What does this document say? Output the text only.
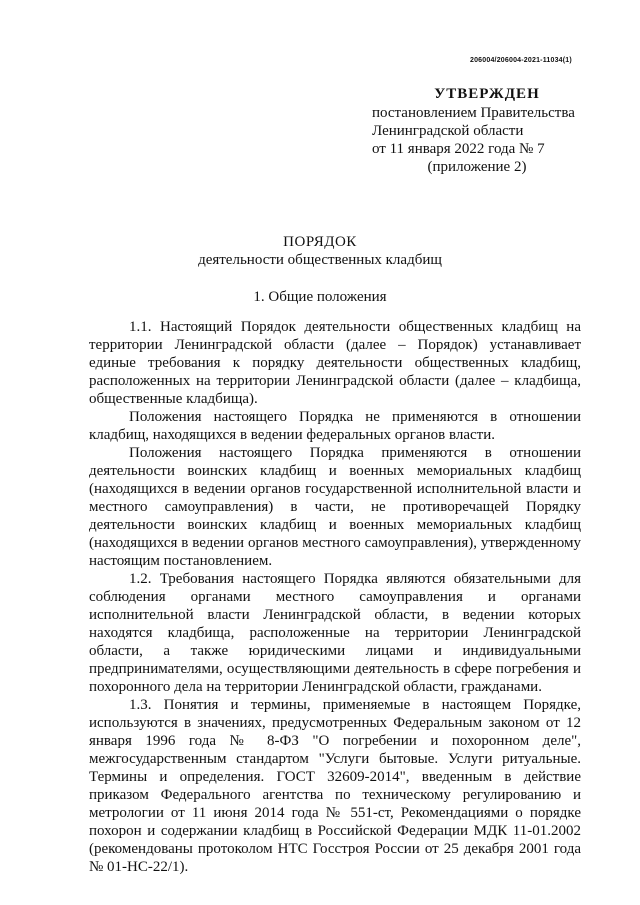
206004/206004-2021-11034(1)
УТВЕРЖДЕН
постановлением Правительства
Ленинградской области
от 11 января 2022 года № 7
(приложение 2)
ПОРЯДОК
деятельности общественных кладбищ
1. Общие положения

1.1. Настоящий Порядок деятельности общественных кладбищ на территории Ленинградской области (далее – Порядок) устанавливает единые требования к порядку деятельности общественных кладбищ, расположенных на территории Ленинградской области (далее – кладбища, общественные кладбища).

Положения настоящего Порядка не применяются в отношении кладбищ, находящихся в ведении федеральных органов власти.

Положения настоящего Порядка применяются в отношении деятельности воинских кладбищ и военных мемориальных кладбищ (находящихся в ведении органов государственной исполнительной власти и местного самоуправления) в части, не противоречащей Порядку деятельности воинских кладбищ и военных мемориальных кладбищ (находящихся в ведении органов местного самоуправления), утвержденному настоящим постановлением.

1.2. Требования настоящего Порядка являются обязательными для соблюдения органами местного самоуправления и органами исполнительной власти Ленинградской области, в ведении которых находятся кладбища, расположенные на территории Ленинградской области, а также юридическими лицами и индивидуальными предпринимателями, осуществляющими деятельность в сфере погребения и похоронного дела на территории Ленинградской области, гражданами.

1.3. Понятия и термины, применяемые в настоящем Порядке, используются в значениях, предусмотренных Федеральным законом от 12 января 1996 года № 8-ФЗ "О погребении и похоронном деле", межгосударственным стандартом "Услуги бытовые. Услуги ритуальные. Термины и определения. ГОСТ 32609-2014", введенным в действие приказом Федерального агентства по техническому регулированию и метрологии от 11 июня 2014 года № 551-ст, Рекомендациями о порядке похорон и содержании кладбищ в Российской Федерации МДК 11-01.2002 (рекомендованы протоколом НТС Госстроя России от 25 декабря 2001 года № 01-НС-22/1).
